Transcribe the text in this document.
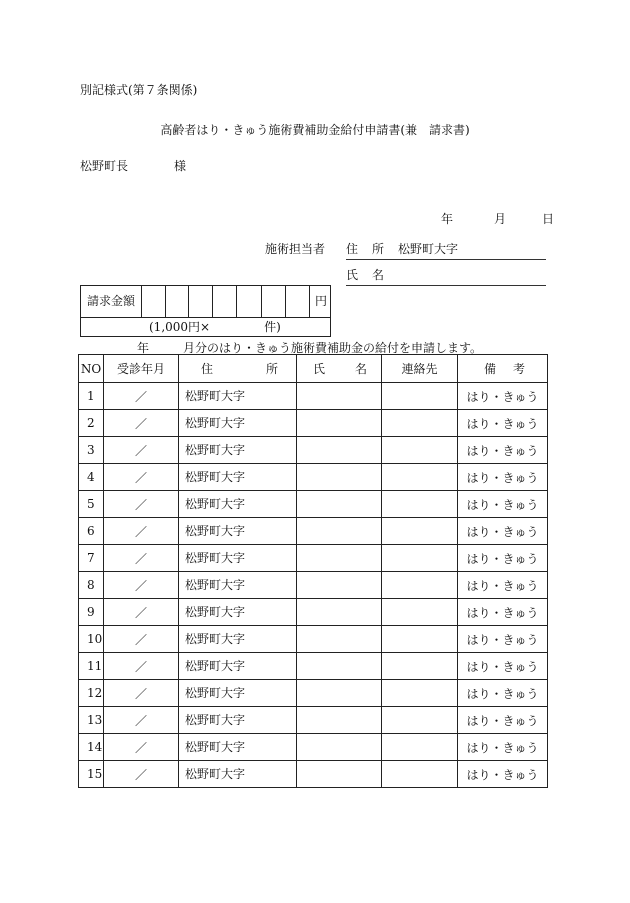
別記様式(第７条関係)
高齢者はり・きゅう施術費補助金給付申請書(兼　請求書)
松野町長	様
年	月	日
施術担当者 住 所 松野町大字
氏 名
請求金額	円
(1,000円×	件)
年	月分のはり・きゅう施術費補助金の給付を申請します。
NO	受診年月	住 所	氏 名	連絡先	備 考

1	／	松野町大字			はり・きゅう
2	／	松野町大字			はり・きゅう
3	／	松野町大字			はり・きゅう
4	／	松野町大字			はり・きゅう
5	／	松野町大字			はり・きゅう
6	／	松野町大字			はり・きゅう
7	／	松野町大字			はり・きゅう
8	／	松野町大字			はり・きゅう
9	／	松野町大字			はり・きゅう
10	／	松野町大字			はり・きゅう
11	／	松野町大字			はり・きゅう
12	／	松野町大字			はり・きゅう
13	／	松野町大字			はり・きゅう
14	／	松野町大字			はり・きゅう
15	／	松野町大字			はり・きゅう
